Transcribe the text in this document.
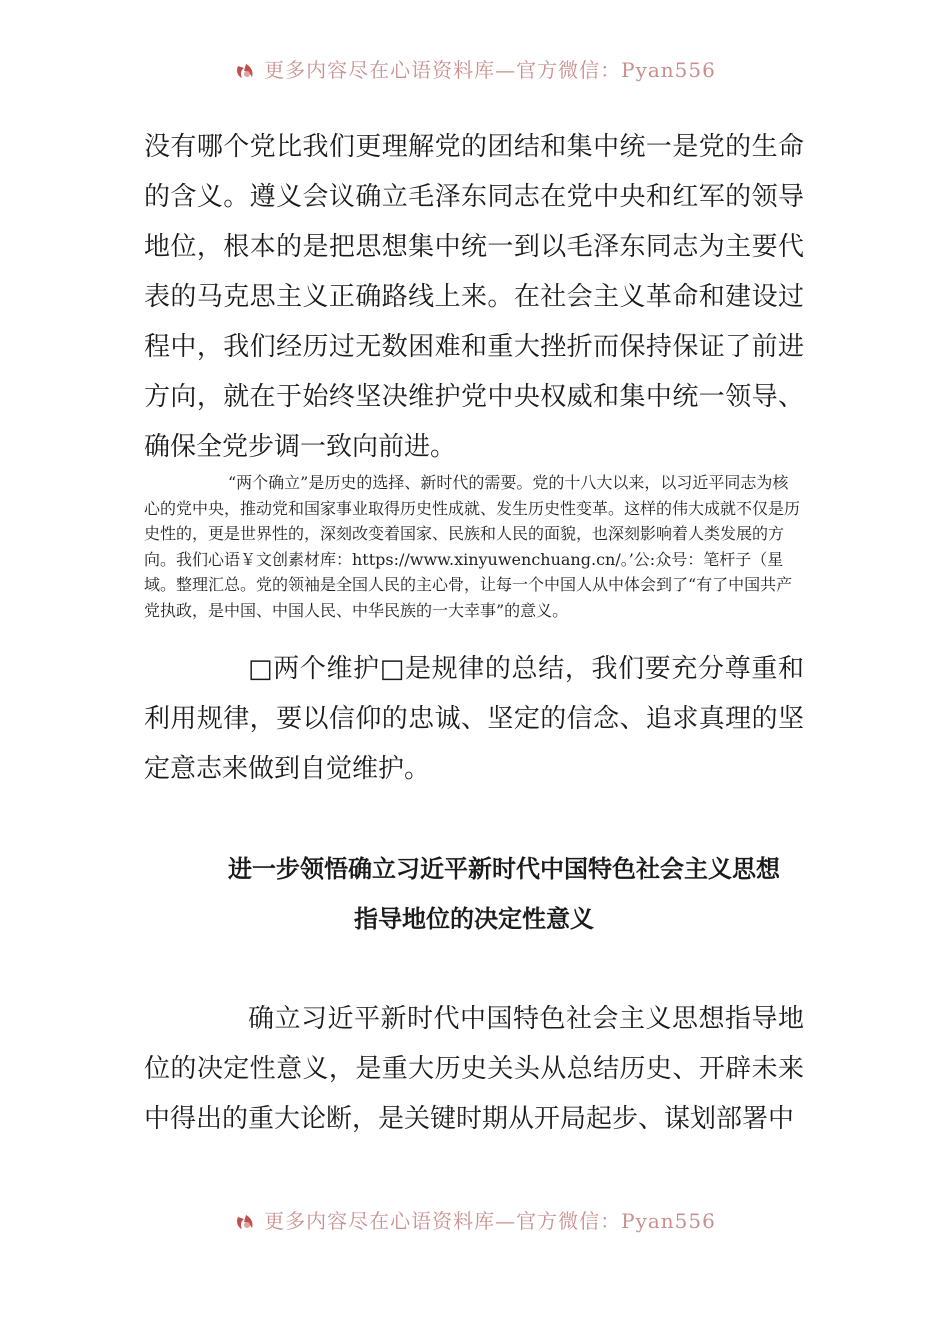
更多内容尽在心语资料库—官方微信：Pyan556

没有哪个党比我们更理解党的团结和集中统一是党的生命的含义。遵义会议确立毛泽东同志在党中央和红军的领导地位，根本的是把思想集中统一到以毛泽东同志为主要代表的马克思主义正确路线上来。在社会主义革命和建设过程中，我们经历过无数困难和重大挫折而保持保证了前进方向，就在于始终坚决维护党中央权威和集中统一领导、确保全党步调一致向前进。

“两个确立”是历史的选择、新时代的需要。党的十八大以来，以习近平同志为核心的党中央，推动党和国家事业取得历史性成就、发生历史性变革。这样的伟大成就不仅是历史性的，更是世界性的，深刻改变着国家、民族和人民的面貌，也深刻影响着人类发展的方向。我们心语￥文创素材库：https://www.xinyuwenchuang.cn/。’公:众号：笔杆子（星域。整理汇总。党的领袖是全国人民的主心骨，让每一个中国人从中体会到了“有了中国共产党执政，是中国、中国人民、中华民族的一大幸事”的意义。

□两个维护□是规律的总结，我们要充分尊重和利用规律，要以信仰的忠诚、坚定的信念、追求真理的坚定意志来做到自觉维护。

进一步领悟确立习近平新时代中国特色社会主义思想
指导地位的决定性意义

确立习近平新时代中国特色社会主义思想指导地位的决定性意义，是重大历史关头从总结历史、开辟未来中得出的重大论断，是关键时期从开局起步、谋划部署中

更多内容尽在心语资料库—官方微信：Pyan556
